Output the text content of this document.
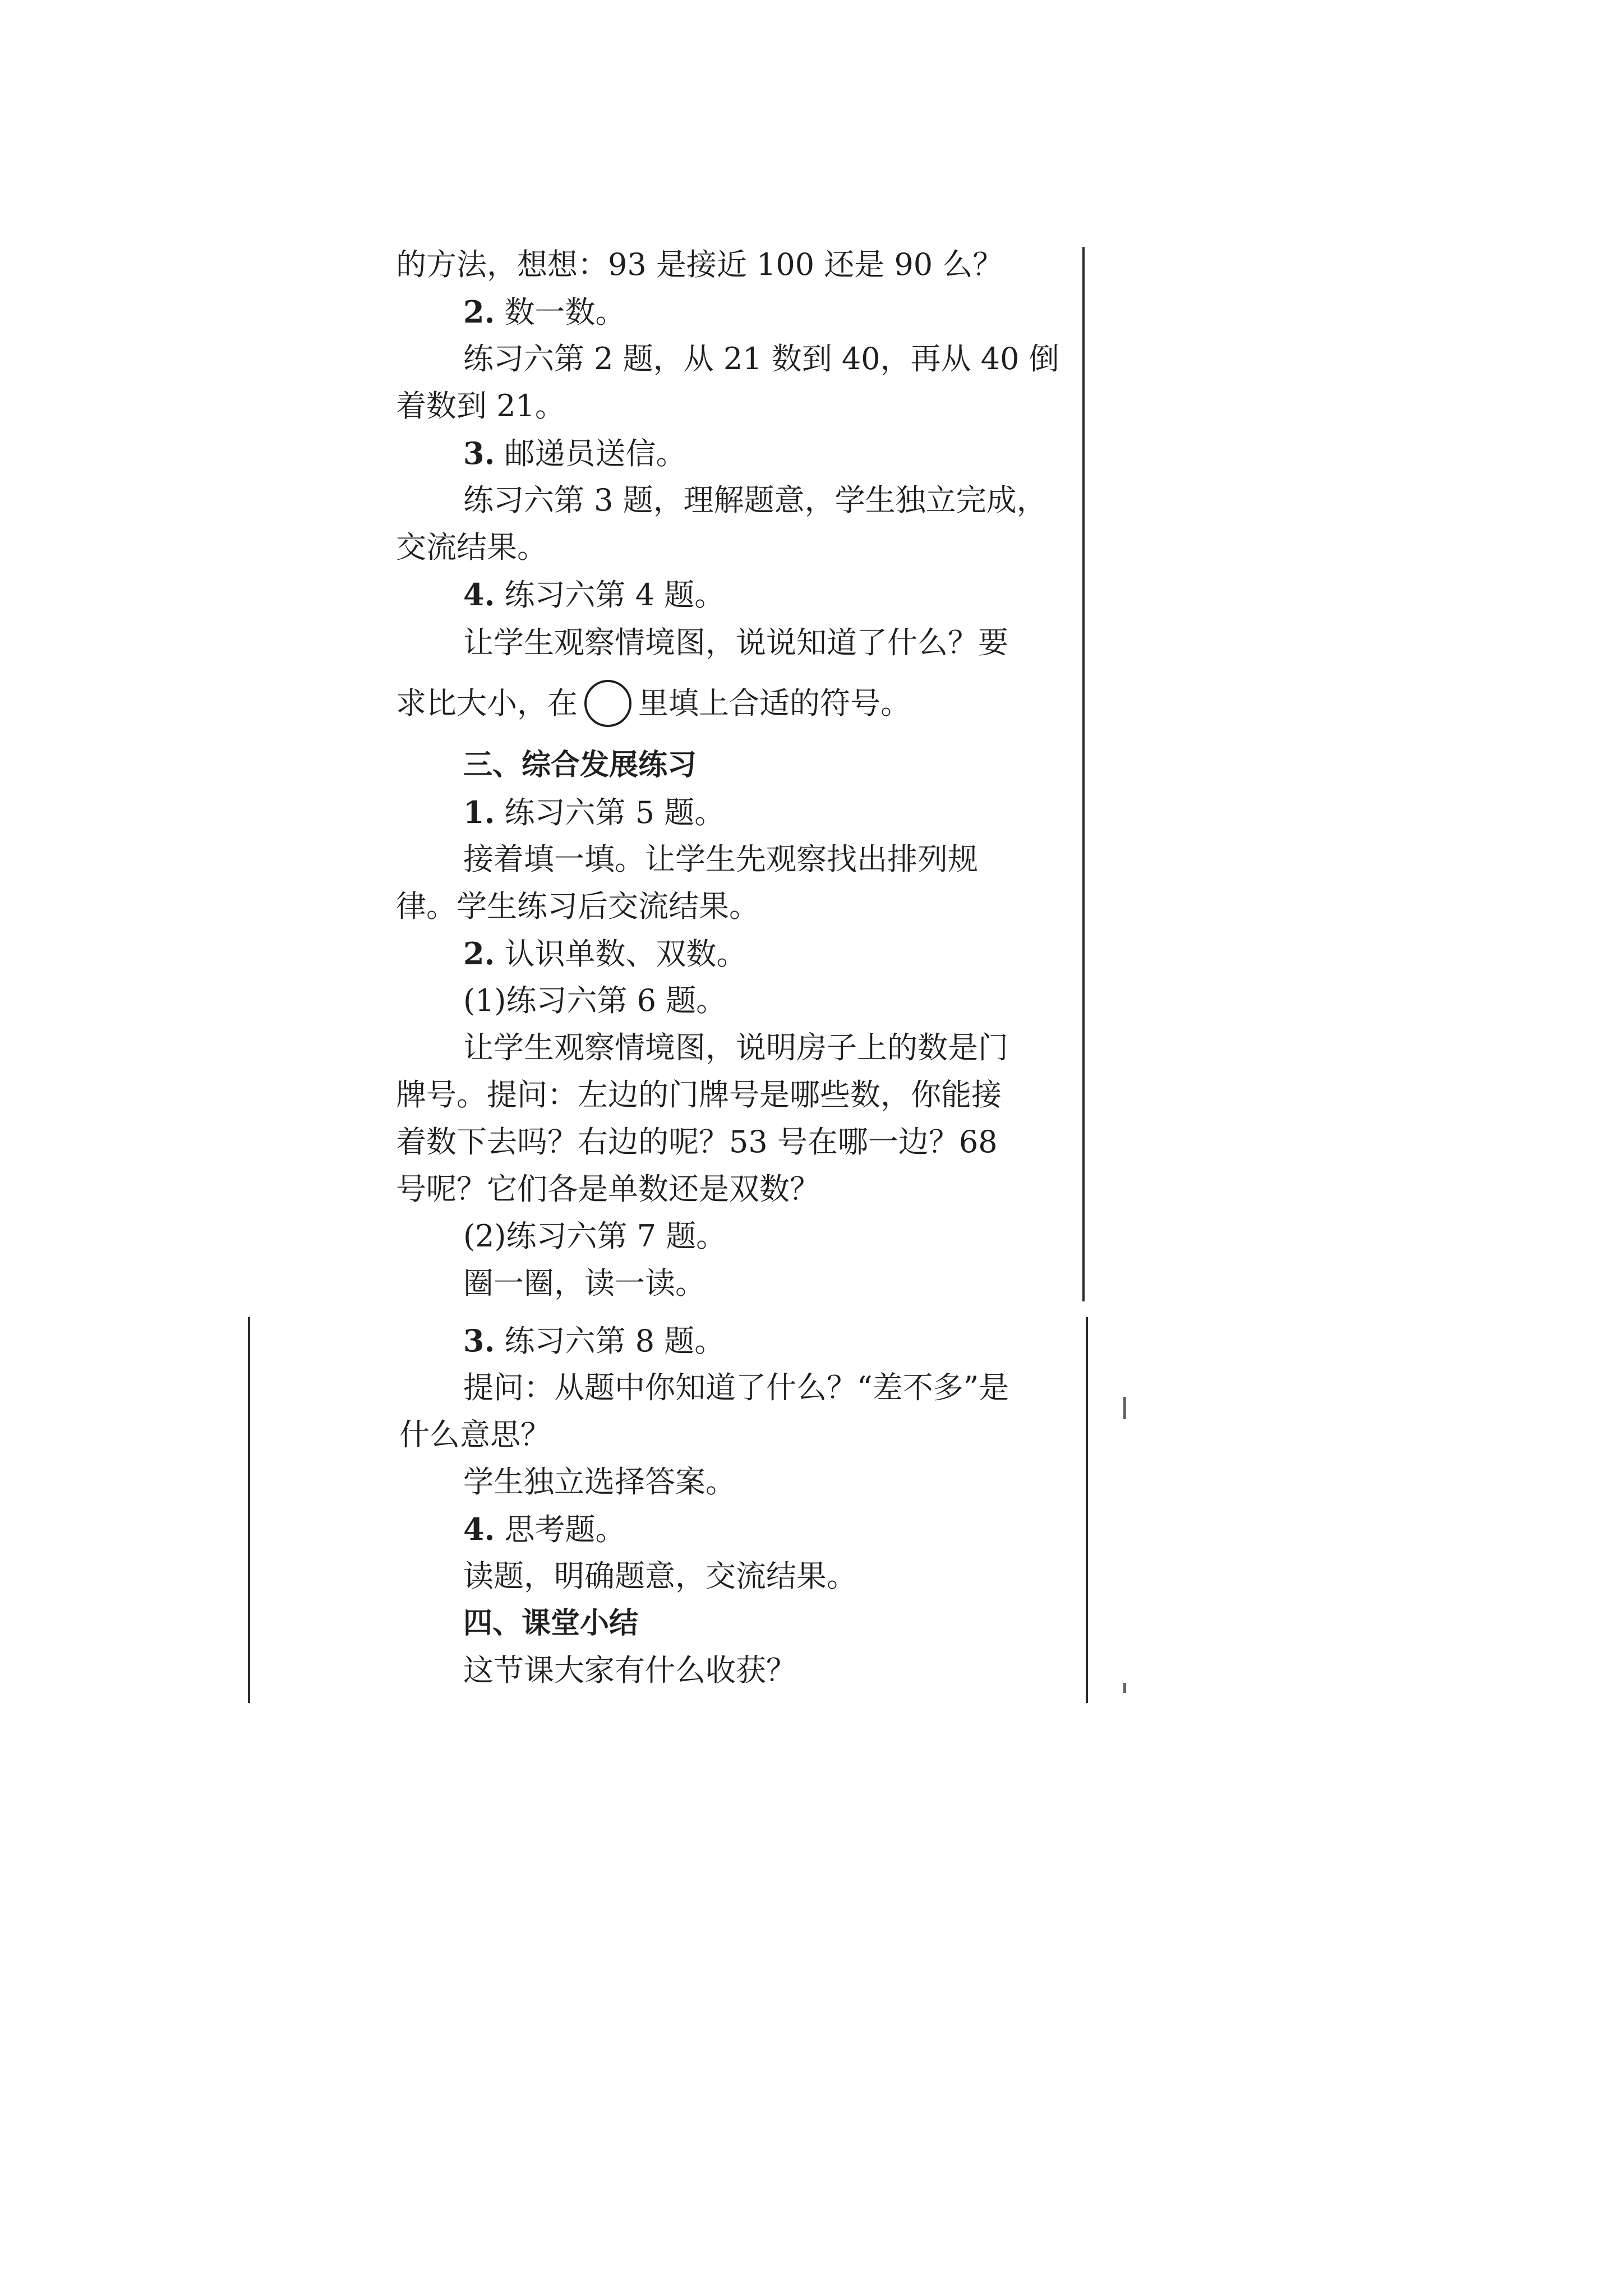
的方法，想想：93 是接近 100 还是 90 么？
2. 数一数。
练习六第 2 题，从 21 数到 40，再从 40 倒
着数到 21。
3. 邮递员送信。
练习六第 3 题，理解题意，学生独立完成，
交流结果。
4. 练习六第 4 题。
让学生观察情境图，说说知道了什么？要
求比大小，在 里填上合适的符号。
三、综合发展练习
1. 练习六第 5 题。
接着填一填。让学生先观察找出排列规
律。学生练习后交流结果。
2. 认识单数、双数。
(1)练习六第 6 题。
让学生观察情境图，说明房子上的数是门
牌号。提问：左边的门牌号是哪些数，你能接
着数下去吗？右边的呢？53 号在哪一边？68
号呢？它们各是单数还是双数？
(2)练习六第 7 题。
圈一圈，读一读。
3. 练习六第 8 题。
提问：从题中你知道了什么？“差不多”是
什么意思？
学生独立选择答案。
4. 思考题。
读题，明确题意，交流结果。
四、课堂小结
这节课大家有什么收获？
